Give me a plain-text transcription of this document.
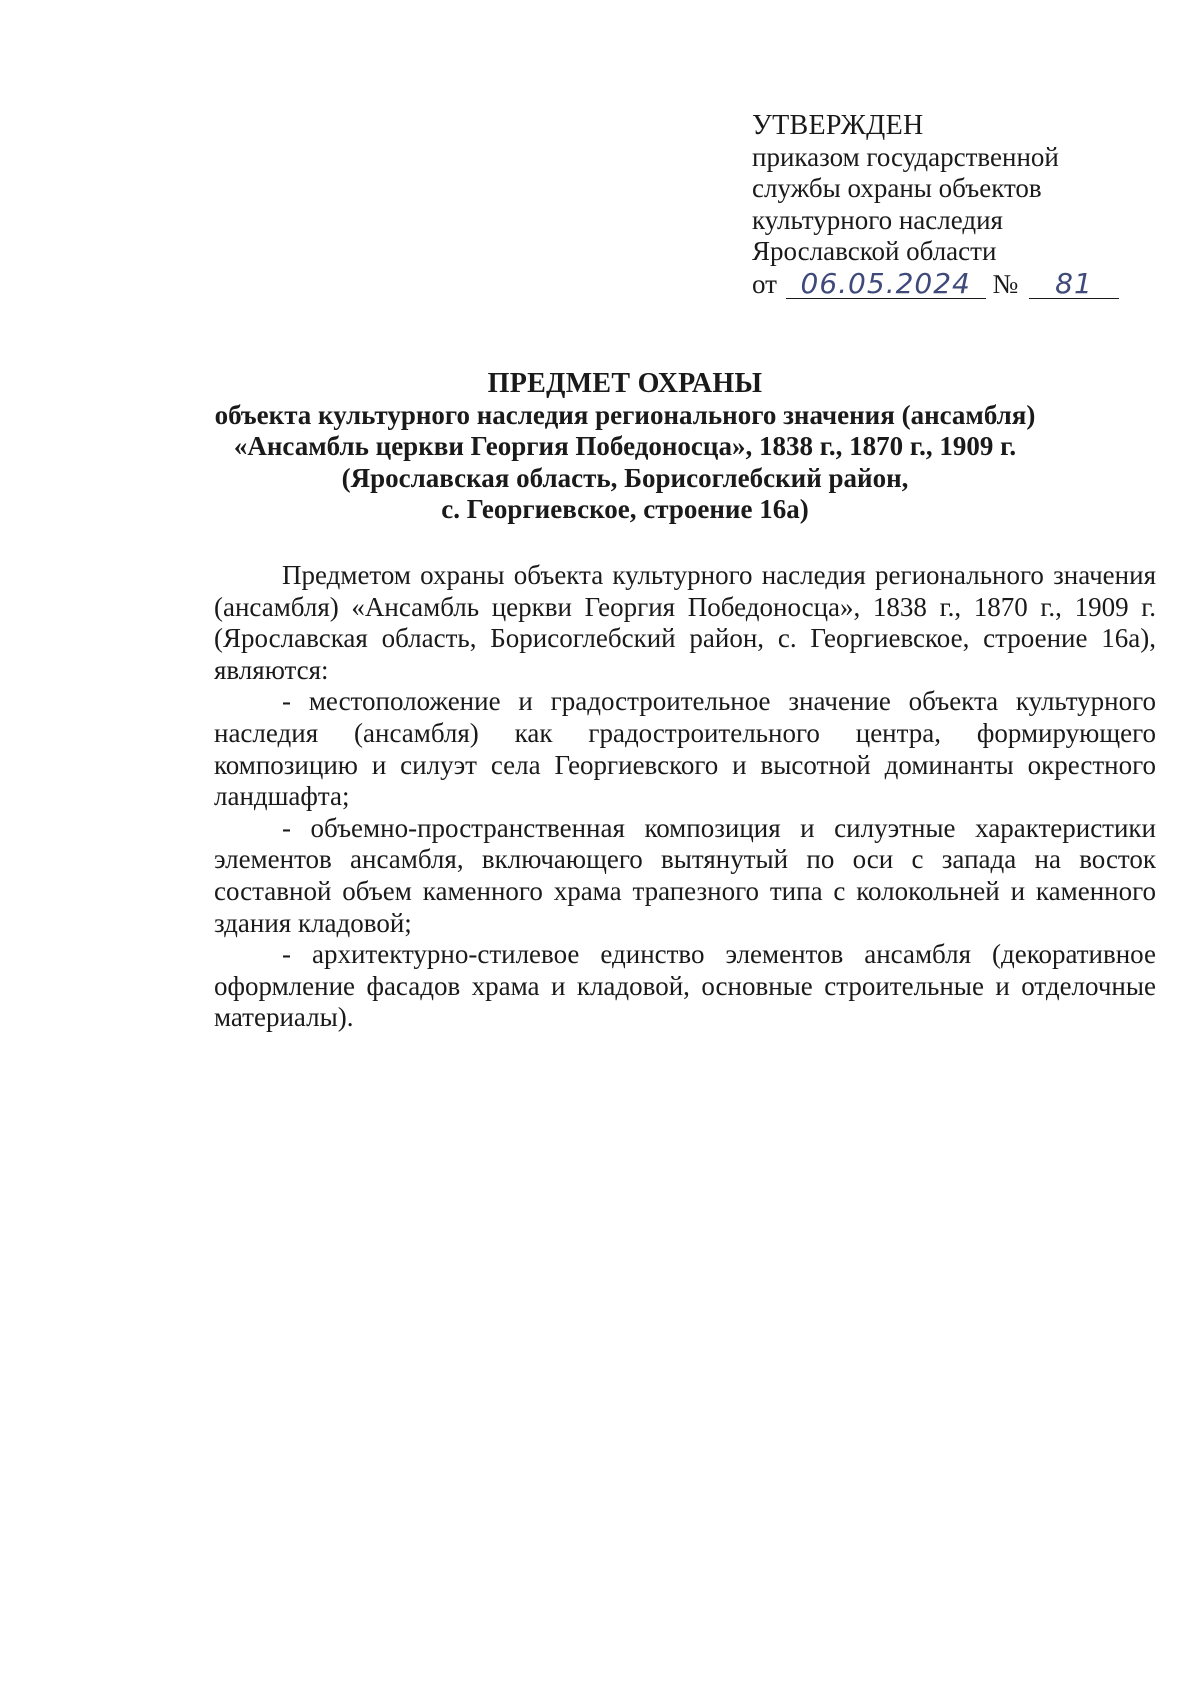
УТВЕРЖДЕН
приказом государственной
службы охраны объектов
культурного наследия
Ярославской области
от 06.05.2024 № 81
ПРЕДМЕТ ОХРАНЫ
объекта культурного наследия регионального значения (ансамбля)
«Ансамбль церкви Георгия Победоносца», 1838 г., 1870 г., 1909 г.
(Ярославская область, Борисоглебский район,
с. Георгиевское, строение 16а)

Предметом охраны объекта культурного наследия регионального значения (ансамбля) «Ансамбль церкви Георгия Победоносца», 1838 г., 1870 г., 1909 г. (Ярославская область, Борисоглебский район, с. Георгиевское, строение 16а), являются:

- местоположение и градостроительное значение объекта культурного наследия (ансамбля) как градостроительного центра, формирующего композицию и силуэт села Георгиевского и высотной доминанты окрестного ландшафта;

- объемно-пространственная композиция и силуэтные характеристики элементов ансамбля, включающего вытянутый по оси с запада на восток составной объем каменного храма трапезного типа с колокольней и каменного здания кладовой;

- архитектурно-стилевое единство элементов ансамбля (декоративное оформление фасадов храма и кладовой, основные строительные и отделочные материалы).
